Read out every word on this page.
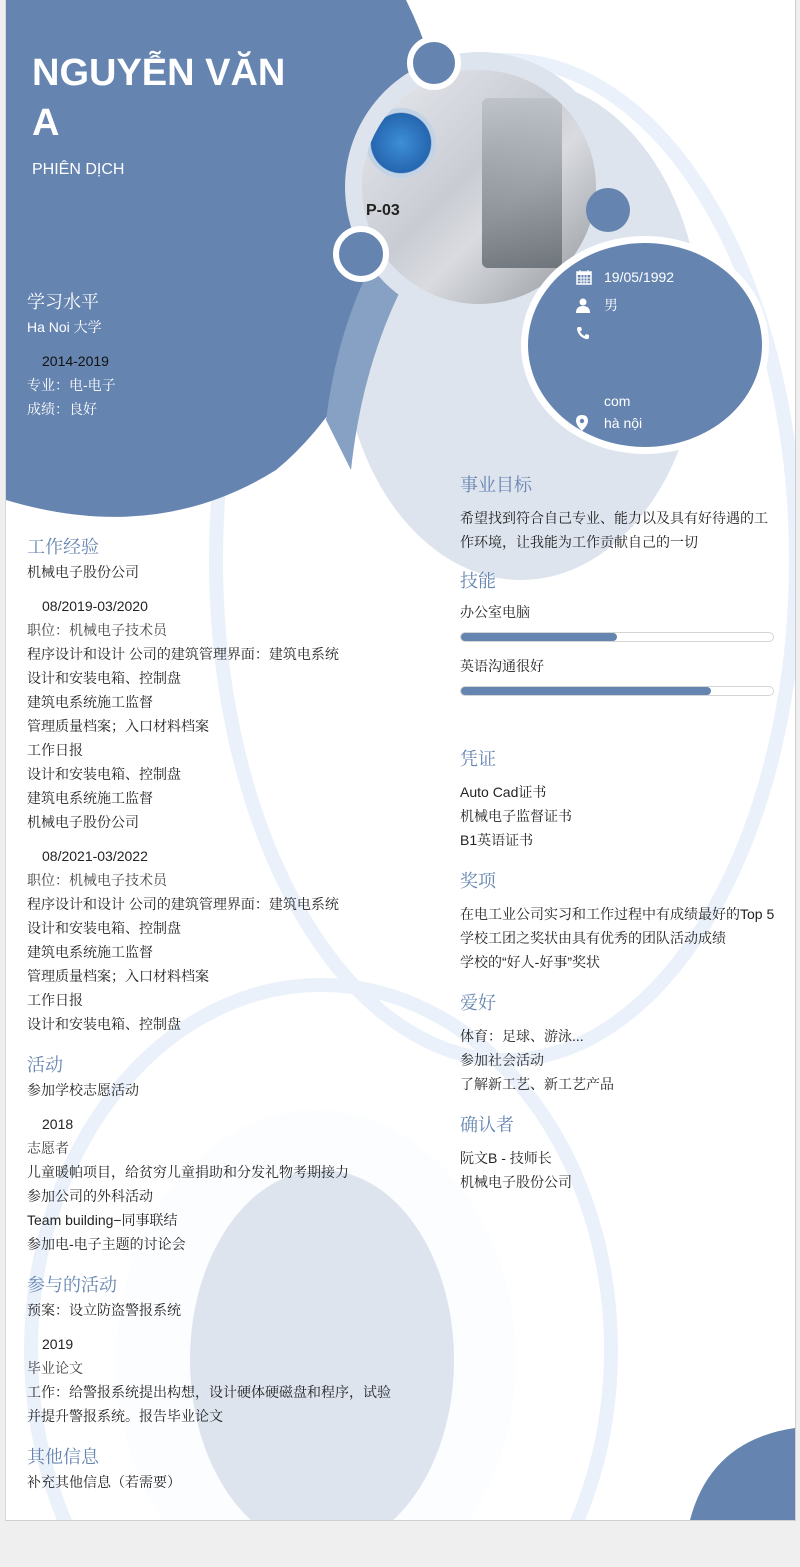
P-03
19/05/1992
男
com
hà nội
NGUYỄN VĂN
A
PHIÊN DỊCH
学习水平
Ha Noi 大学
2014-2019
专业：电-电子
成绩：良好
工作经验
机械电子股份公司
08/2019-03/2020
职位：机械电子技术员
程序设计和设计 公司的建筑管理界面：建筑电系统
设计和安装电箱、控制盘
建筑电系统施工监督
管理质量档案；入口材料档案
工作日报
设计和安装电箱、控制盘
建筑电系统施工监督
机械电子股份公司
08/2021-03/2022
职位：机械电子技术员
程序设计和设计 公司的建筑管理界面：建筑电系统
设计和安装电箱、控制盘
建筑电系统施工监督
管理质量档案；入口材料档案
工作日报
设计和安装电箱、控制盘
活动
参加学校志愿活动
2018
志愿者
儿童暖帕项目，给贫穷儿童捐助和分发礼物考期接力
参加公司的外科活动
Team building−同事联结
参加电-电子主题的讨论会
参与的活动
预案：设立防盗警报系统
2019
毕业论文
工作：给警报系统提出构想，设计硬体硬磁盘和程序，试验
并提升警报系统。报告毕业论文
其他信息
补充其他信息（若需要）
事业目标
希望找到符合自己专业、能力以及具有好待遇的工
作环境，让我能为工作贡献自己的一切
技能
办公室电脑
英语沟通很好
凭证
Auto Cad证书
机械电子监督证书
B1英语证书
奖项
在电工业公司实习和工作过程中有成绩最好的Top 5
学校工团之奖状由具有优秀的团队活动成绩
学校的“好人-好事”奖状
爱好
体育：足球、游泳...
参加社会活动
了解新工艺、新工艺产品
确认者
阮文B - 技师长
机械电子股份公司
